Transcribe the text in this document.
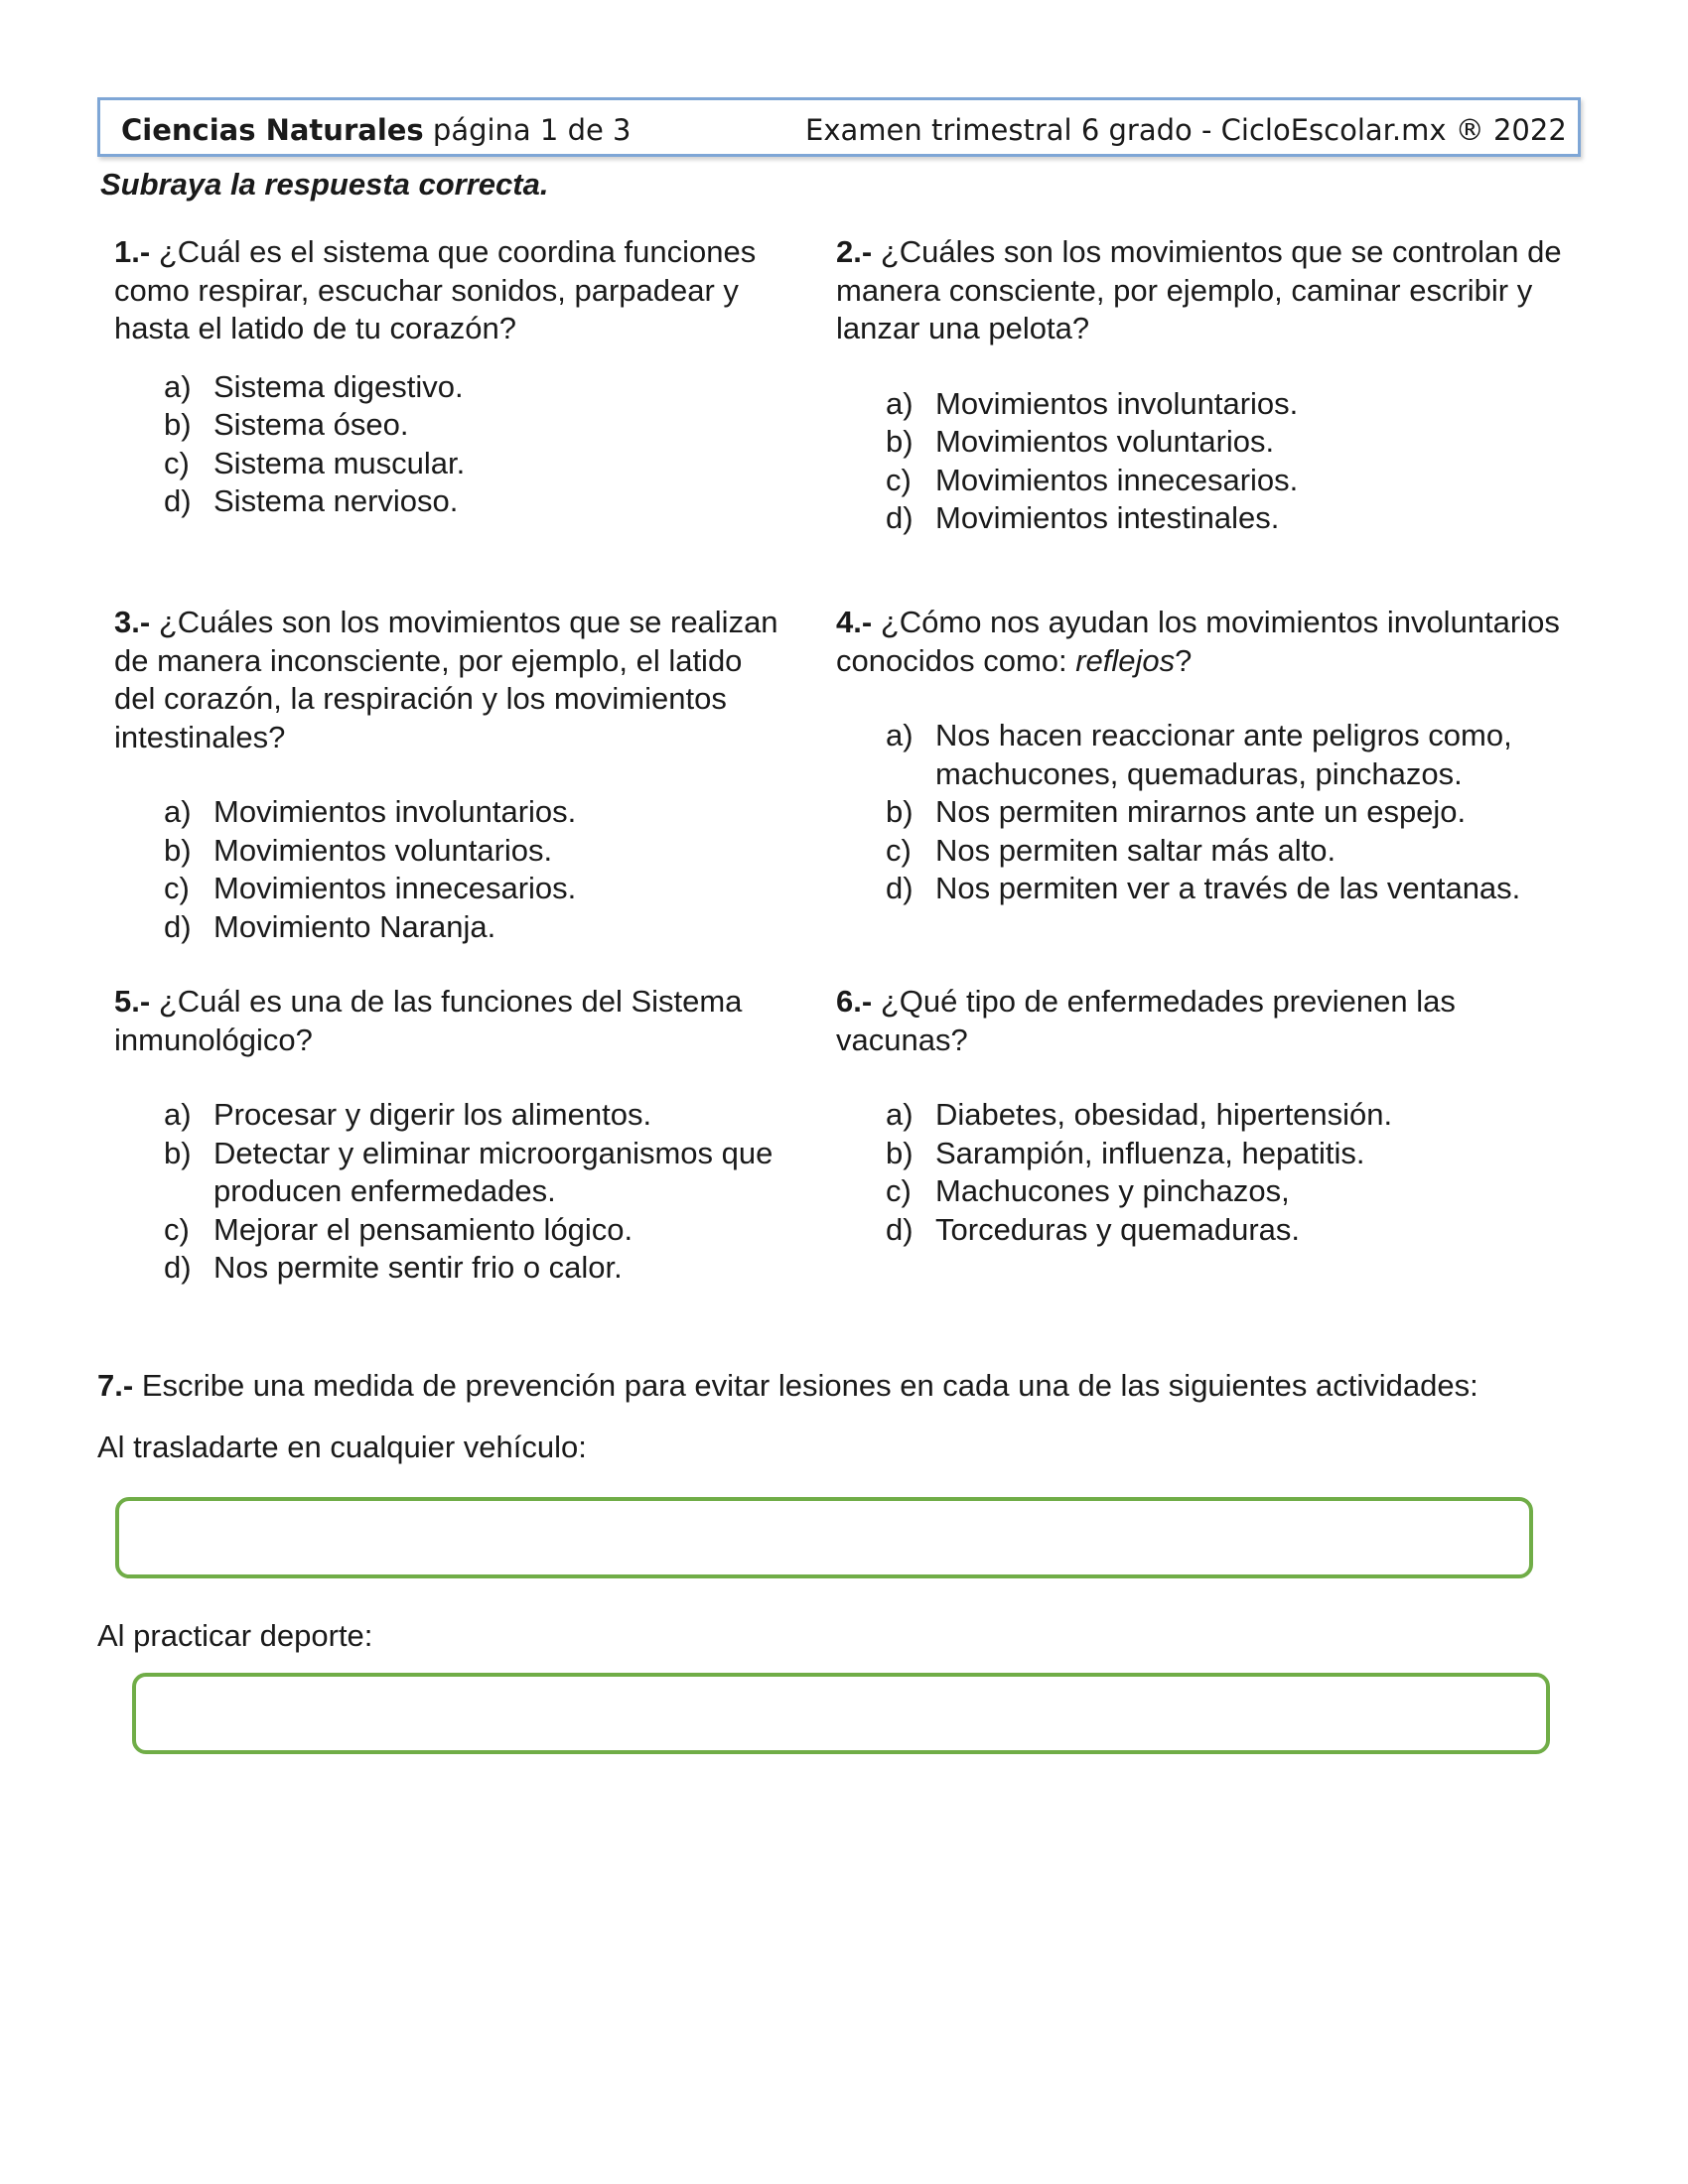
Ciencias Naturales página 1 de 3	Examen trimestral 6 grado - CicloEscolar.mx ® 2022
Subraya la respuesta correcta.
1.- ¿Cuál es el sistema que coordina funciones como respirar, escuchar sonidos, parpadear y hasta el latido de tu corazón?
a) Sistema digestivo.
b) Sistema óseo.
c) Sistema muscular.
d) Sistema nervioso.
2.- ¿Cuáles son los movimientos que se controlan de manera consciente, por ejemplo, caminar escribir y lanzar una pelota?
a) Movimientos involuntarios.
b) Movimientos voluntarios.
c) Movimientos innecesarios.
d) Movimientos intestinales.
3.- ¿Cuáles son los movimientos que se realizan de manera inconsciente, por ejemplo, el latido del corazón, la respiración y los movimientos intestinales?
a) Movimientos involuntarios.
b) Movimientos voluntarios.
c) Movimientos innecesarios.
d) Movimiento Naranja.
4.- ¿Cómo nos ayudan los movimientos involuntarios conocidos como: reflejos?
a) Nos hacen reaccionar ante peligros como, machucones, quemaduras, pinchazos.
b) Nos permiten mirarnos ante un espejo.
c) Nos permiten saltar más alto.
d) Nos permiten ver a través de las ventanas.
5.- ¿Cuál es una de las funciones del Sistema inmunológico?
a) Procesar y digerir los alimentos.
b) Detectar y eliminar microorganismos que producen enfermedades.
c) Mejorar el pensamiento lógico.
d) Nos permite sentir frio o calor.
6.- ¿Qué tipo de enfermedades previenen las vacunas?
a) Diabetes, obesidad, hipertensión.
b) Sarampión, influenza, hepatitis.
c) Machucones y pinchazos,
d) Torceduras y quemaduras.
7.- Escribe una medida de prevención para evitar lesiones en cada una de las siguientes actividades:
Al trasladarte en cualquier vehículo:
Al practicar deporte:
